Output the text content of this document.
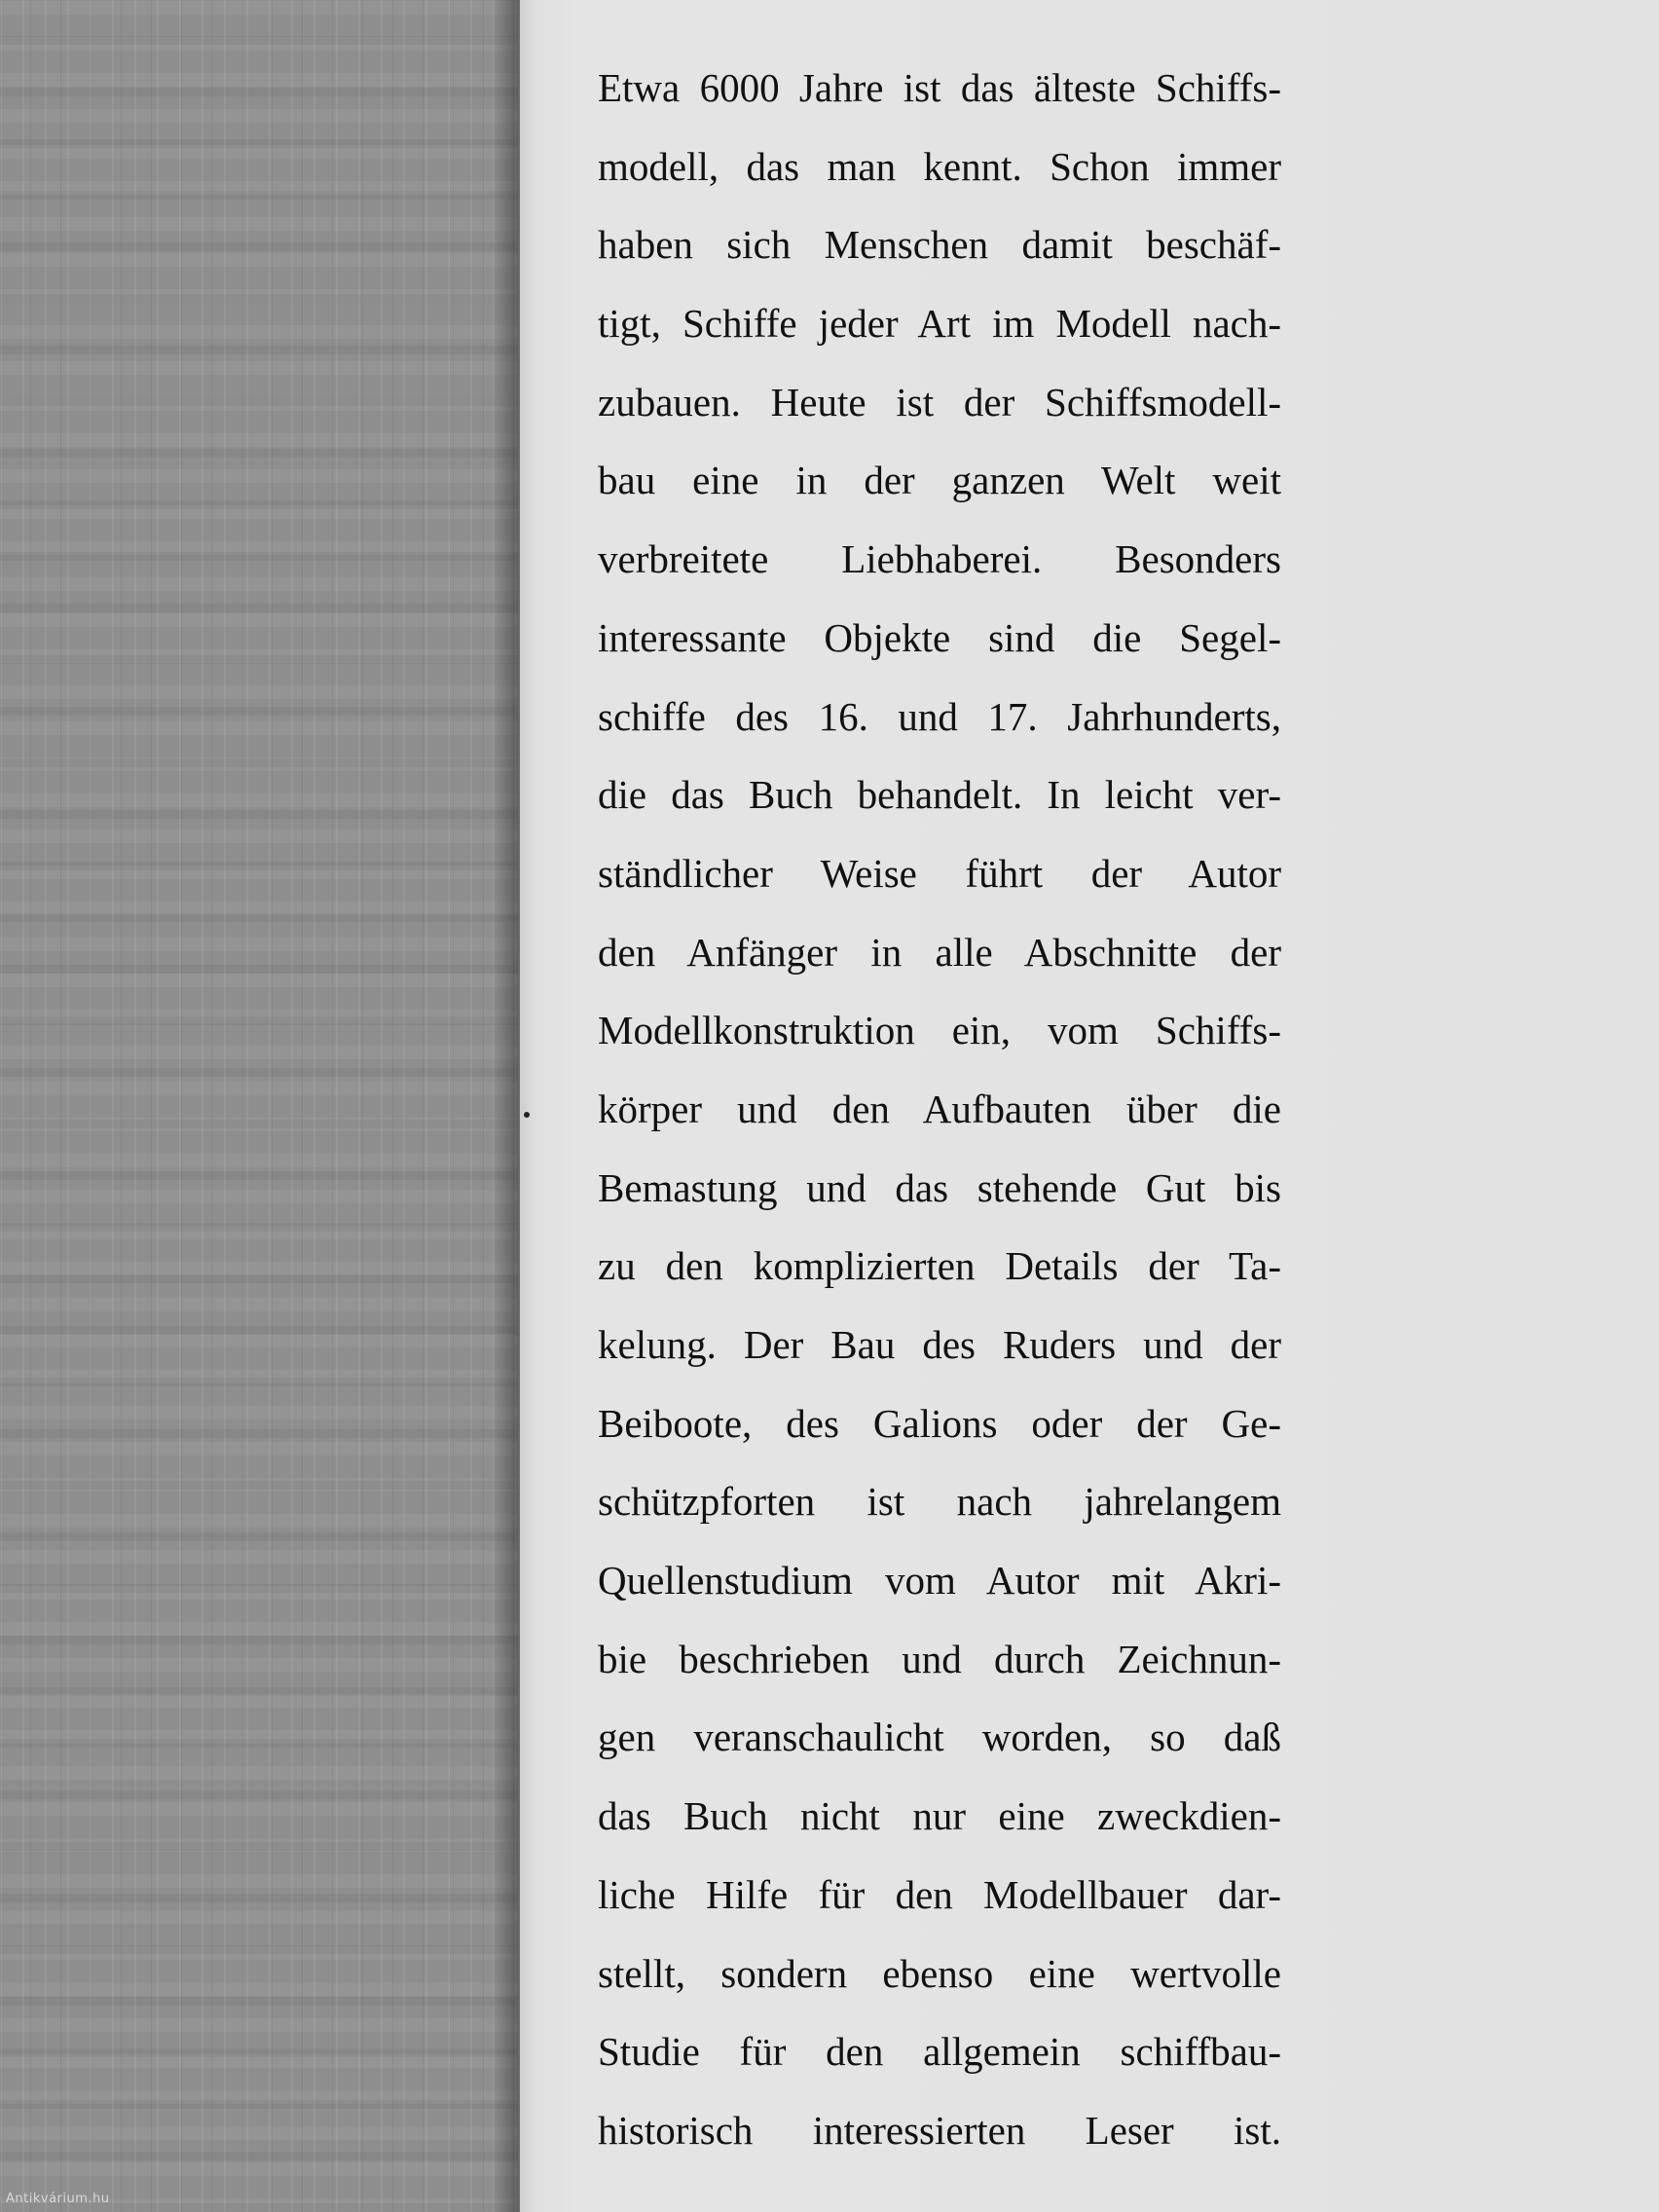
Etwa 6000 Jahre ist das älteste Schiffs-
modell, das man kennt. Schon immer
haben sich Menschen damit beschäf-
tigt, Schiffe jeder Art im Modell nach-
zubauen. Heute ist der Schiffsmodell-
bau eine in der ganzen Welt weit
verbreitete Liebhaberei. Besonders
interessante Objekte sind die Segel-
schiffe des 16. und 17. Jahrhunderts,
die das Buch behandelt. In leicht ver-
ständlicher Weise führt der Autor
den Anfänger in alle Abschnitte der
Modellkonstruktion ein, vom Schiffs-
körper und den Aufbauten über die
Bemastung und das stehende Gut bis
zu den komplizierten Details der Ta-
kelung. Der Bau des Ruders und der
Beiboote, des Galions oder der Ge-
schützpforten ist nach jahrelangem
Quellenstudium vom Autor mit Akri-
bie beschrieben und durch Zeichnun-
gen veranschaulicht worden, so daß
das Buch nicht nur eine zweckdien-
liche Hilfe für den Modellbauer dar-
stellt, sondern ebenso eine wertvolle
Studie für den allgemein schiffbau-
historisch interessierten Leser ist.

Antikvárium.hu
